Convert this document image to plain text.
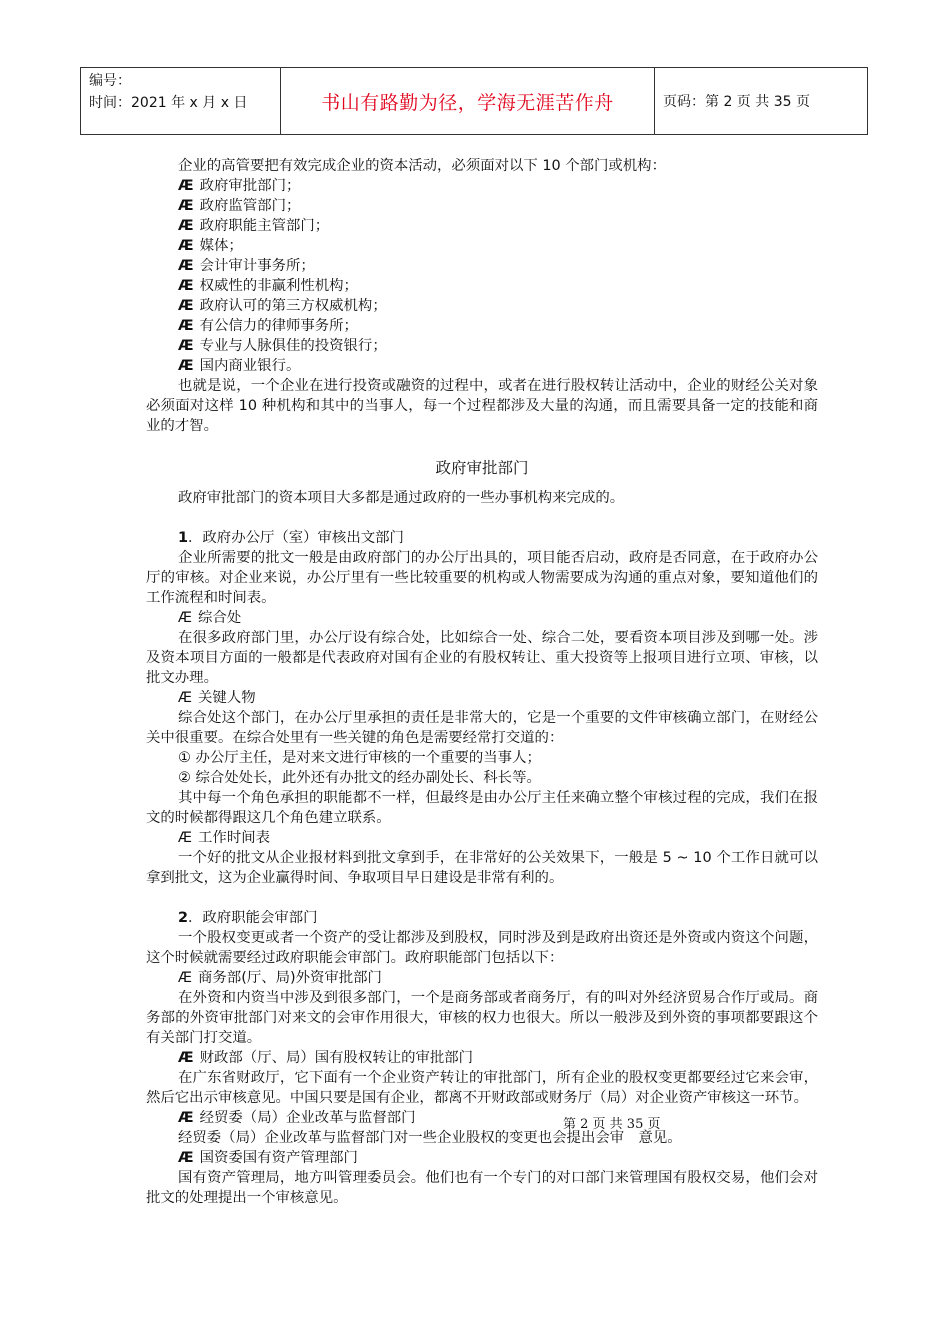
编号：
时间：2021 年 x 月 x 日	书山有路勤为径，学海无涯苦作舟	页码：第 2 页 共 35 页

企业的高管要把有效完成企业的资本活动，必须面对以下 10 个部门或机构：

Æ 政府审批部门；

Æ 政府监管部门；

Æ 政府职能主管部门；

Æ 媒体；

Æ 会计审计事务所；

Æ 权威性的非赢利性机构；

Æ 政府认可的第三方权威机构；

Æ 有公信力的律师事务所；

Æ 专业与人脉俱佳的投资银行；

Æ 国内商业银行。

也就是说，一个企业在进行投资或融资的过程中，或者在进行股权转让活动中，企业的财经公关对象必须面对这样 10 种机构和其中的当事人，每一个过程都涉及大量的沟通，而且需要具备一定的技能和商业的才智。

政府审批部门

政府审批部门的资本项目大多都是通过政府的一些办事机构来完成的。

1．政府办公厅（室）审核出文部门

企业所需要的批文一般是由政府部门的办公厅出具的，项目能否启动，政府是否同意，在于政府办公厅的审核。对企业来说，办公厅里有一些比较重要的机构或人物需要成为沟通的重点对象，要知道他们的工作流程和时间表。

Æ 综合处

在很多政府部门里，办公厅设有综合处，比如综合一处、综合二处，要看资本项目涉及到哪一处。涉及资本项目方面的一般都是代表政府对国有企业的有股权转让、重大投资等上报项目进行立项、审核，以批文办理。

Æ 关键人物

综合处这个部门，在办公厅里承担的责任是非常大的，它是一个重要的文件审核确立部门，在财经公关中很重要。在综合处里有一些关键的角色是需要经常打交道的：

① 办公厅主任，是对来文进行审核的一个重要的当事人；

② 综合处处长，此外还有办批文的经办副处长、科长等。

其中每一个角色承担的职能都不一样，但最终是由办公厅主任来确立整个审核过程的完成，我们在报文的时候都得跟这几个角色建立联系。

Æ 工作时间表

一个好的批文从企业报材料到批文拿到手，在非常好的公关效果下，一般是 5 ~ 10 个工作日就可以拿到批文，这为企业赢得时间、争取项目早日建设是非常有利的。

2．政府职能会审部门

一个股权变更或者一个资产的受让都涉及到股权，同时涉及到是政府出资还是外资或内资这个问题，这个时候就需要经过政府职能会审部门。政府职能部门包括以下：

Æ 商务部(厅、局)外资审批部门

在外资和内资当中涉及到很多部门，一个是商务部或者商务厅，有的叫对外经济贸易合作厅或局。商务部的外资审批部门对来文的会审作用很大，审核的权力也很大。所以一般涉及到外资的事项都要跟这个有关部门打交道。

Æ 财政部（厅、局）国有股权转让的审批部门

在广东省财政厅，它下面有一个企业资产转让的审批部门，所有企业的股权变更都要经过它来会审，然后它出示审核意见。中国只要是国有企业，都离不开财政部或财务厅（局）对企业资产审核这一环节。

Æ 经贸委（局）企业改革与监督部门

经贸委（局）企业改革与监督部门对一些企业股权的变更也会提出会审　意见。

Æ 国资委国有资产管理部门

国有资产管理局，地方叫管理委员会。他们也有一个专门的对口部门来管理国有股权交易，他们会对批文的处理提出一个审核意见。

第 2 页 共 35 页
